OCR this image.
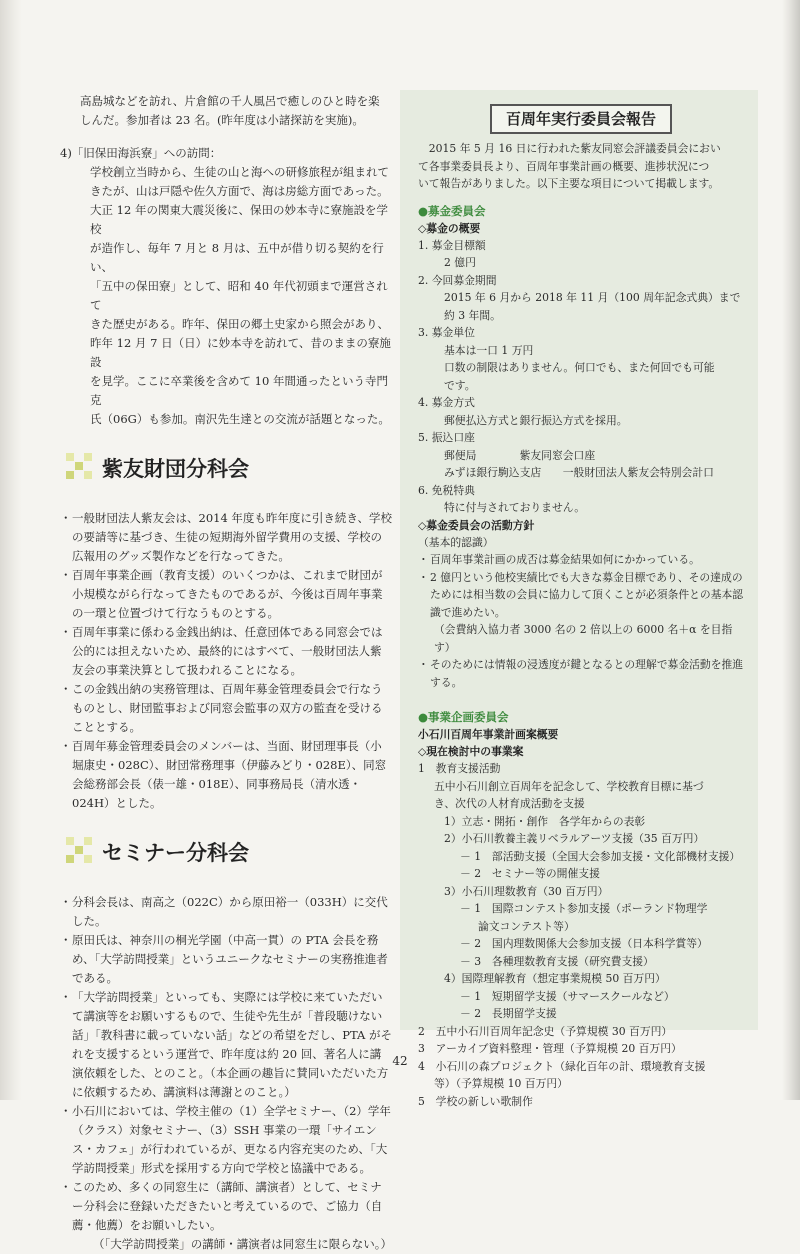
高島城などを訪れ、片倉館の千人風呂で癒しのひと時を楽

しんだ。参加者は 23 名。(昨年度は小諸探訪を実施)。

4)「旧保田海浜寮」への訪問：

学校創立当時から、生徒の山と海への研修旅程が組まれて

きたが、山は戸隠や佐久方面で、海は房総方面であった。

大正 12 年の関東大震災後に、保田の妙本寺に寮施設を学校

が造作し、毎年 7 月と 8 月は、五中が借り切る契約を行い、

「五中の保田寮」として、昭和 40 年代初頭まで運営されて

きた歴史がある。昨年、保田の郷土史家から照会があり、

昨年 12 月 7 日（日）に妙本寺を訪れて、昔のままの寮施設

を見学。ここに卒業後を含めて 10 年間通ったという寺門克

氏（06G）も参加。南沢先生達との交流が話題となった。

紫友財団分科会

・ 一般財団法人紫友会は、2014 年度も昨年度に引き続き、学校の要請等に基づき、生徒の短期海外留学費用の支援、学校の広報用のグッズ製作などを行なってきた。

・ 百周年事業企画（教育支援）のいくつかは、これまで財団が小規模ながら行なってきたものであるが、今後は百周年事業の一環と位置づけて行なうものとする。

・ 百周年事業に係わる金銭出納は、任意団体である同窓会では公的には担えないため、最終的にはすべて、一般財団法人紫友会の事業決算として扱われることになる。

・ この金銭出納の実務管理は、百周年募金管理委員会で行なうものとし、財団監事および同窓会監事の双方の監査を受けることとする。

・ 百周年募金管理委員会のメンバーは、当面、財団理事長（小堀康史・028C）、財団常務理事（伊藤みどり・028E）、同窓会総務部会長（俵一雄・018E）、同事務局長（清水透・024H）とした。

セミナー分科会

・ 分科会長は、南高之（022C）から原田裕一（033H）に交代した。

・ 原田氏は、神奈川の桐光学園（中高一貫）の PTA 会長を務め、「大学訪問授業」というユニークなセミナーの実務推進者である。

・ 「大学訪問授業」といっても、実際には学校に来ていただいて講演等をお願いするもので、生徒や先生が「普段聴けない話」「教科書に載っていない話」などの希望をだし、PTA がそれを支援するという運営で、昨年度は約 20 回、著名人に講演依頼をした、とのこと。（本企画の趣旨に賛同いただいた方に依頼するため、講演料は薄謝とのこと。）

・ 小石川においては、学校主催の（1）全学セミナー、（2）学年（クラス）対象セミナー、（3）SSH 事業の一環「サイエンス・カフェ」が行われているが、更なる内容充実のため、「大学訪問授業」形式を採用する方向で学校と協議中である。

・ このため、多くの同窓生に（講師、講演者）として、セミナー分科会に登録いただきたいと考えているので、ご協力（自薦・他薦）をお願いしたい。

（「大学訪問授業」の講師・講演者は同窓生に限らない。）

百周年実行委員会報告

2015 年 5 月 16 日に行われた紫友同窓会評議委員会におい

て各事業委員長より、百周年事業計画の概要、進捗状況につ

いて報告がありました。以下主要な項目について掲載します。

●募金委員会

◇募金の概要

1. 募金目標額

2 億円

2. 今回募金期間

2015 年 6 月から 2018 年 11 月（100 周年記念式典）まで

約 3 年間。

3. 募金単位

基本は一口 1 万円

口数の制限はありません。何口でも、また何回でも可能

です。

4. 募金方式

郵便払込方式と銀行振込方式を採用。

5. 振込口座

郵便局　　　　紫友同窓会口座

みずほ銀行駒込支店　　一般財団法人紫友会特別会計口

6. 免税特典

特に付与されておりません。

◇募金委員会の活動方針

（基本的認識）

・ 百周年事業計画の成否は募金結果如何にかかっている。

・ 2 億円という他校実績比でも大きな募金目標であり、その達成のためには相当数の会員に協力して頂くことが必須条件との基本認識で進めたい。

（会費納入協力者 3000 名の 2 倍以上の 6000 名＋α を目指す）

・ そのためには情報の浸透度が鍵となるとの理解で募金活動を推進する。

●事業企画委員会

小石川百周年事業計画案概要

◇現在検討中の事業案

1　教育支援活動

五中小石川創立百周年を記念して、学校教育目標に基づ

き、次代の人材育成活動を支援

1）立志・開拓・創作　各学年からの表彰

2）小石川教養主義リベラルアーツ支援（35 百万円）

－ 1　部活動支援（全国大会参加支援・文化部機材支援）

－ 2　セミナー等の開催支援

3）小石川理数教育（30 百万円）

－ 1　国際コンテスト参加支援（ポーランド物理学

論文コンテスト等）

－ 2　国内理数関係大会参加支援（日本科学賞等）

－ 3　各種理数教育支援（研究費支援）

4）国際理解教育（想定事業規模 50 百万円）

－ 1　短期留学支援（サマースクールなど）

－ 2　長期留学支援

2　五中小石川百周年記念史（予算規模 30 百万円）

3　アーカイブ資料整理・管理（予算規模 20 百万円）

4　小石川の森プロジェクト（緑化百年の計、環境教育支援

等）（予算規模 10 百万円）

5　学校の新しい歌制作

42
